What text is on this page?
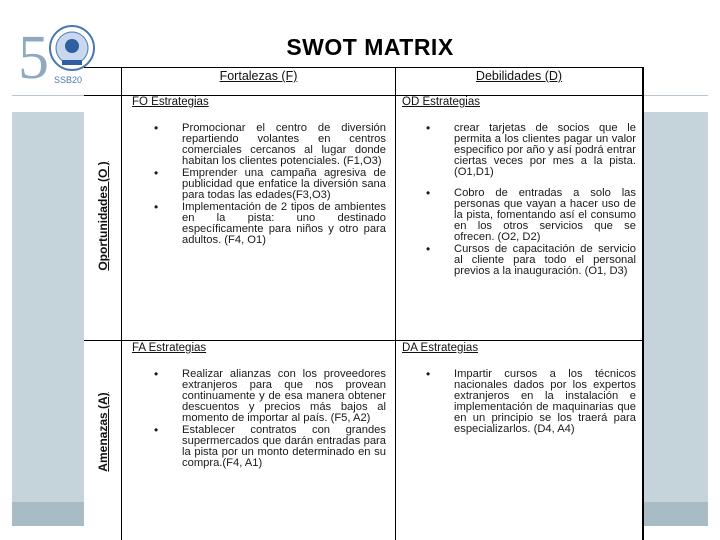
5 SSB20
SWOT MATRIX
Fortalezas (F)	Debilidades (D)
Oportunidades (O )
Amenazas (A)
FO Estrategias
• Promocionar el centro de diversión repartiendo volantes en centros comerciales cercanos al lugar donde habitan los clientes potenciales. (F1,O3)
• Emprender una campaña agresiva de publicidad que enfatice la diversión sana para todas las edades(F3,O3)
• Implementación de 2 tipos de ambientes en la pista: uno destinado específicamente para niños y otro para adultos. (F4, O1)
OD Estrategias
• crear tarjetas de socios que le permita a los clientes pagar un valor especifico por año y así podrá entrar ciertas veces por mes a la pista. (O1,D1)
• Cobro de entradas a solo las personas que vayan a hacer uso de la pista, fomentando así el consumo en los otros servicios que se ofrecen. (O2, D2)
• Cursos de capacitación de servicio al cliente para todo el personal previos a la inauguración. (O1, D3)
FA Estrategias
• Realizar alianzas con los proveedores extranjeros para que nos provean continuamente y de esa manera obtener descuentos y precios más bajos al momento de importar al país. (F5, A2)
• Establecer contratos con grandes supermercados que darán entradas para la pista por un monto determinado en su compra.(F4, A1)
DA Estrategias
• Impartir cursos a los técnicos nacionales dados por los expertos extranjeros en la instalación e implementación de maquinarias que en un principio se los traerá para especializarlos. (D4, A4)
